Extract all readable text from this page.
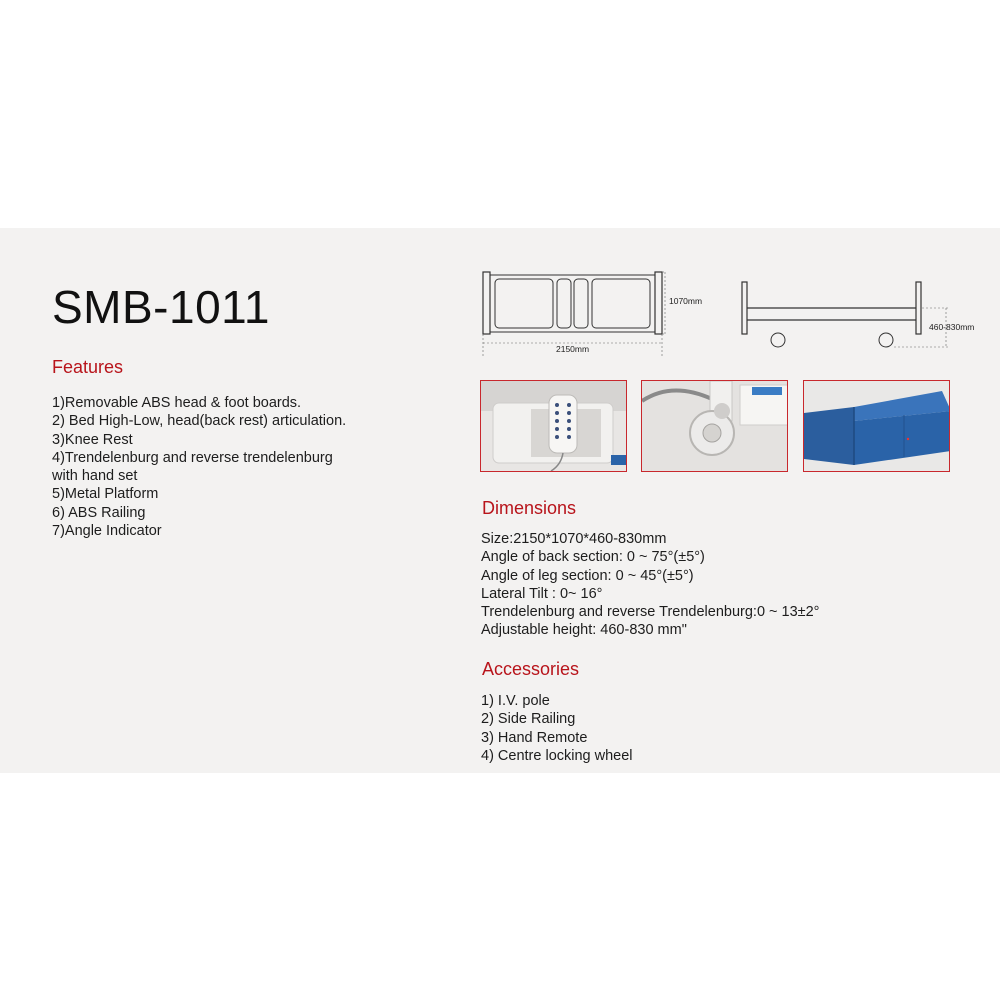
SMB-1011
Features
1)Removable ABS head & foot boards.
2) Bed High-Low, head(back rest) articulation.
3)Knee Rest
4)Trendelenburg and reverse trendelenburg
with hand set
5)Metal Platform
6) ABS Railing
7)Angle Indicator
1070mm
2150mm
460-830mm
Dimensions
Size:2150*1070*460-830mm
Angle of back section: 0 ~ 75°(±5°)
Angle of leg section: 0 ~ 45°(±5°)
Lateral Tilt : 0~ 16°
Trendelenburg and reverse Trendelenburg:0 ~ 13±2°
Adjustable height: 460-830 mm"
Accessories
1) I.V. pole
2) Side Railing
3) Hand Remote
4) Centre locking wheel
